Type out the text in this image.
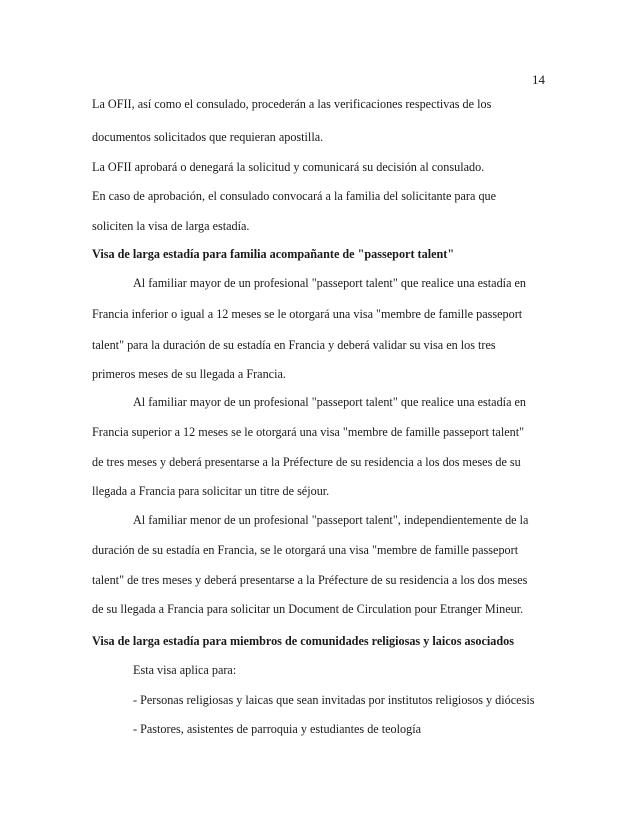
14
La OFII, así como el consulado, procederán a las verificaciones respectivas de los
documentos solicitados que requieran apostilla.
La OFII aprobará o denegará la solicitud y comunicará su decisión al consulado.
En caso de aprobación, el consulado convocará a la familia del solicitante para que
soliciten la visa de larga estadía.
Visa de larga estadía para familia acompañante de "passeport talent"
Al familiar mayor de un profesional "passeport talent" que realice una estadía en
Francia inferior o igual a 12 meses se le otorgará una visa "membre de famille passeport
talent" para la duración de su estadía en Francia y deberá validar su visa en los tres
primeros meses de su llegada a Francia.
Al familiar mayor de un profesional "passeport talent" que realice una estadía en
Francia superior a 12 meses se le otorgará una visa "membre de famille passeport talent"
de tres meses y deberá presentarse a la Préfecture de su residencia a los dos meses de su
llegada a Francia para solicitar un titre de séjour.
Al familiar menor de un profesional "passeport talent", independientemente de la
duración de su estadía en Francia, se le otorgará una visa "membre de famille passeport
talent" de tres meses y deberá presentarse a la Préfecture de su residencia a los dos meses
de su llegada a Francia para solicitar un Document de Circulation pour Etranger Mineur.
Visa de larga estadía para miembros de comunidades religiosas y laicos asociados
Esta visa aplica para:
- Personas religiosas y laicas que sean invitadas por institutos religiosos y diócesis
- Pastores, asistentes de parroquia y estudiantes de teología
